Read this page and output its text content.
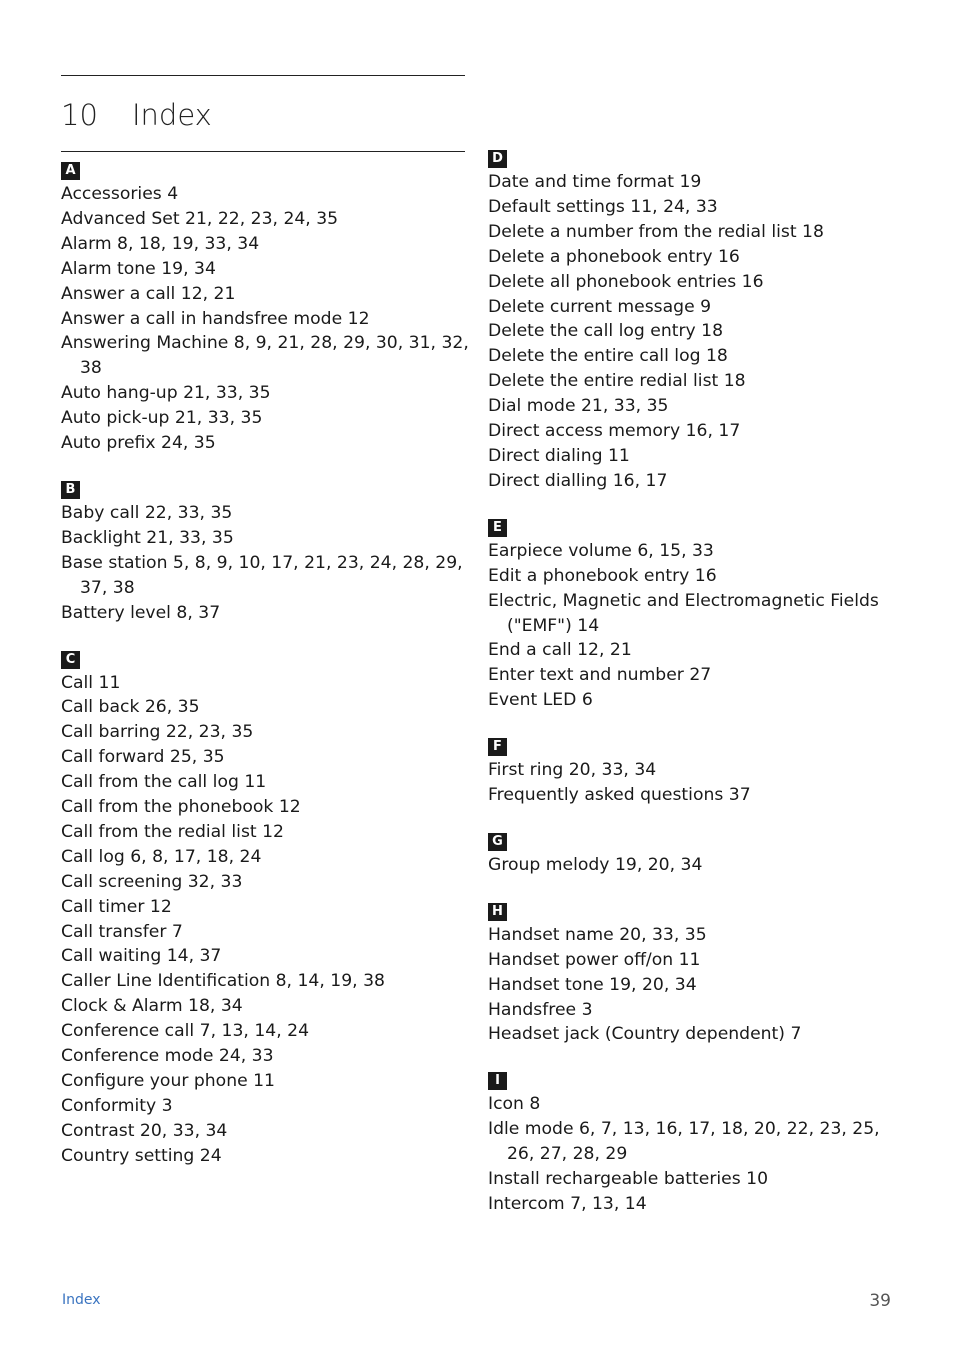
10 Index
A
Accessories 4
Advanced Set 21, 22, 23, 24, 35
Alarm 8, 18, 19, 33, 34
Alarm tone 19, 34
Answer a call 12, 21
Answer a call in handsfree mode 12
Answering Machine 8, 9, 21, 28, 29, 30, 31, 32, 38
Auto hang-up 21, 33, 35
Auto pick-up 21, 33, 35
Auto prefix 24, 35
B
Baby call 22, 33, 35
Backlight 21, 33, 35
Base station 5, 8, 9, 10, 17, 21, 23, 24, 28, 29, 37, 38
Battery level 8, 37
C
Call 11
Call back 26, 35
Call barring 22, 23, 35
Call forward 25, 35
Call from the call log 11
Call from the phonebook 12
Call from the redial list 12
Call log 6, 8, 17, 18, 24
Call screening 32, 33
Call timer 12
Call transfer 7
Call waiting 14, 37
Caller Line Identification 8, 14, 19, 38
Clock & Alarm 18, 34
Conference call 7, 13, 14, 24
Conference mode 24, 33
Configure your phone 11
Conformity 3
Contrast 20, 33, 34
Country setting 24
D
Date and time format 19
Default settings 11, 24, 33
Delete a number from the redial list 18
Delete a phonebook entry 16
Delete all phonebook entries 16
Delete current message 9
Delete the call log entry 18
Delete the entire call log 18
Delete the entire redial list 18
Dial mode 21, 33, 35
Direct access memory 16, 17
Direct dialing 11
Direct dialling 16, 17
E
Earpiece volume 6, 15, 33
Edit a phonebook entry 16
Electric, Magnetic and Electromagnetic Fields ("EMF") 14
End a call 12, 21
Enter text and number 27
Event LED 6
F
First ring 20, 33, 34
Frequently asked questions 37
G
Group melody 19, 20, 34
H
Handset name 20, 33, 35
Handset power off/on 11
Handset tone 19, 20, 34
Handsfree 3
Headset jack (Country dependent) 7
I
Icon 8
Idle mode 6, 7, 13, 16, 17, 18, 20, 22, 23, 25, 26, 27, 28, 29
Install rechargeable batteries 10
Intercom 7, 13, 14
Index	39
